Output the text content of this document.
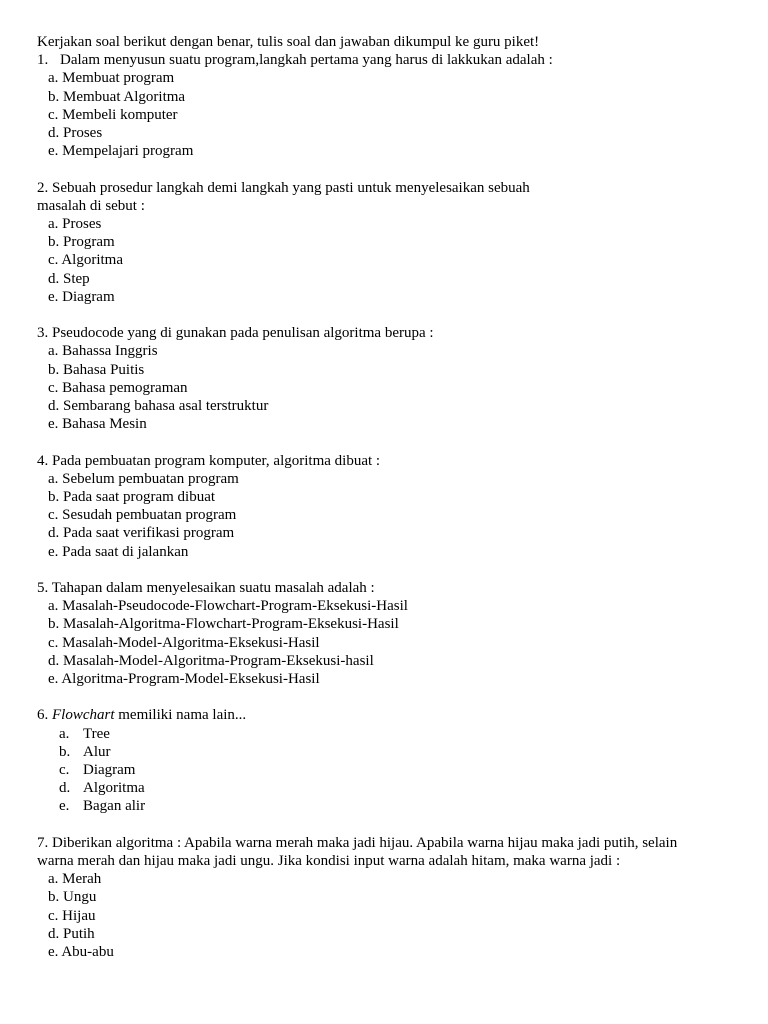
Kerjakan soal berikut dengan benar, tulis soal dan jawaban dikumpul ke guru piket!
1. Dalam menyusun suatu program,langkah pertama yang harus di lakkukan adalah :
a. Membuat program
b. Membuat Algoritma
c. Membeli komputer
d. Proses
e. Mempelajari program
2. Sebuah prosedur langkah demi langkah yang pasti untuk menyelesaikan sebuah
masalah di sebut :
a. Proses
b. Program
c. Algoritma
d. Step
e. Diagram
3. Pseudocode yang di gunakan pada penulisan algoritma berupa :
a. Bahassa Inggris
b. Bahasa Puitis
c. Bahasa pemograman
d. Sembarang bahasa asal terstruktur
e. Bahasa Mesin
4. Pada pembuatan program komputer, algoritma dibuat :
a. Sebelum pembuatan program
b. Pada saat program dibuat
c. Sesudah pembuatan program
d. Pada saat verifikasi program
e. Pada saat di jalankan
5. Tahapan dalam menyelesaikan suatu masalah adalah :
a. Masalah-Pseudocode-Flowchart-Program-Eksekusi-Hasil
b. Masalah-Algoritma-Flowchart-Program-Eksekusi-Hasil
c. Masalah-Model-Algoritma-Eksekusi-Hasil
d. Masalah-Model-Algoritma-Program-Eksekusi-hasil
e. Algoritma-Program-Model-Eksekusi-Hasil
6. Flowchart memiliki nama lain...
a. Tree
b. Alur
c. Diagram
d. Algoritma
e. Bagan alir
7. Diberikan algoritma : Apabila warna merah maka jadi hijau. Apabila warna hijau maka jadi putih, selain
warna merah dan hijau maka jadi ungu. Jika kondisi input warna adalah hitam, maka warna jadi :
a. Merah
b. Ungu
c. Hijau
d. Putih
e. Abu-abu
